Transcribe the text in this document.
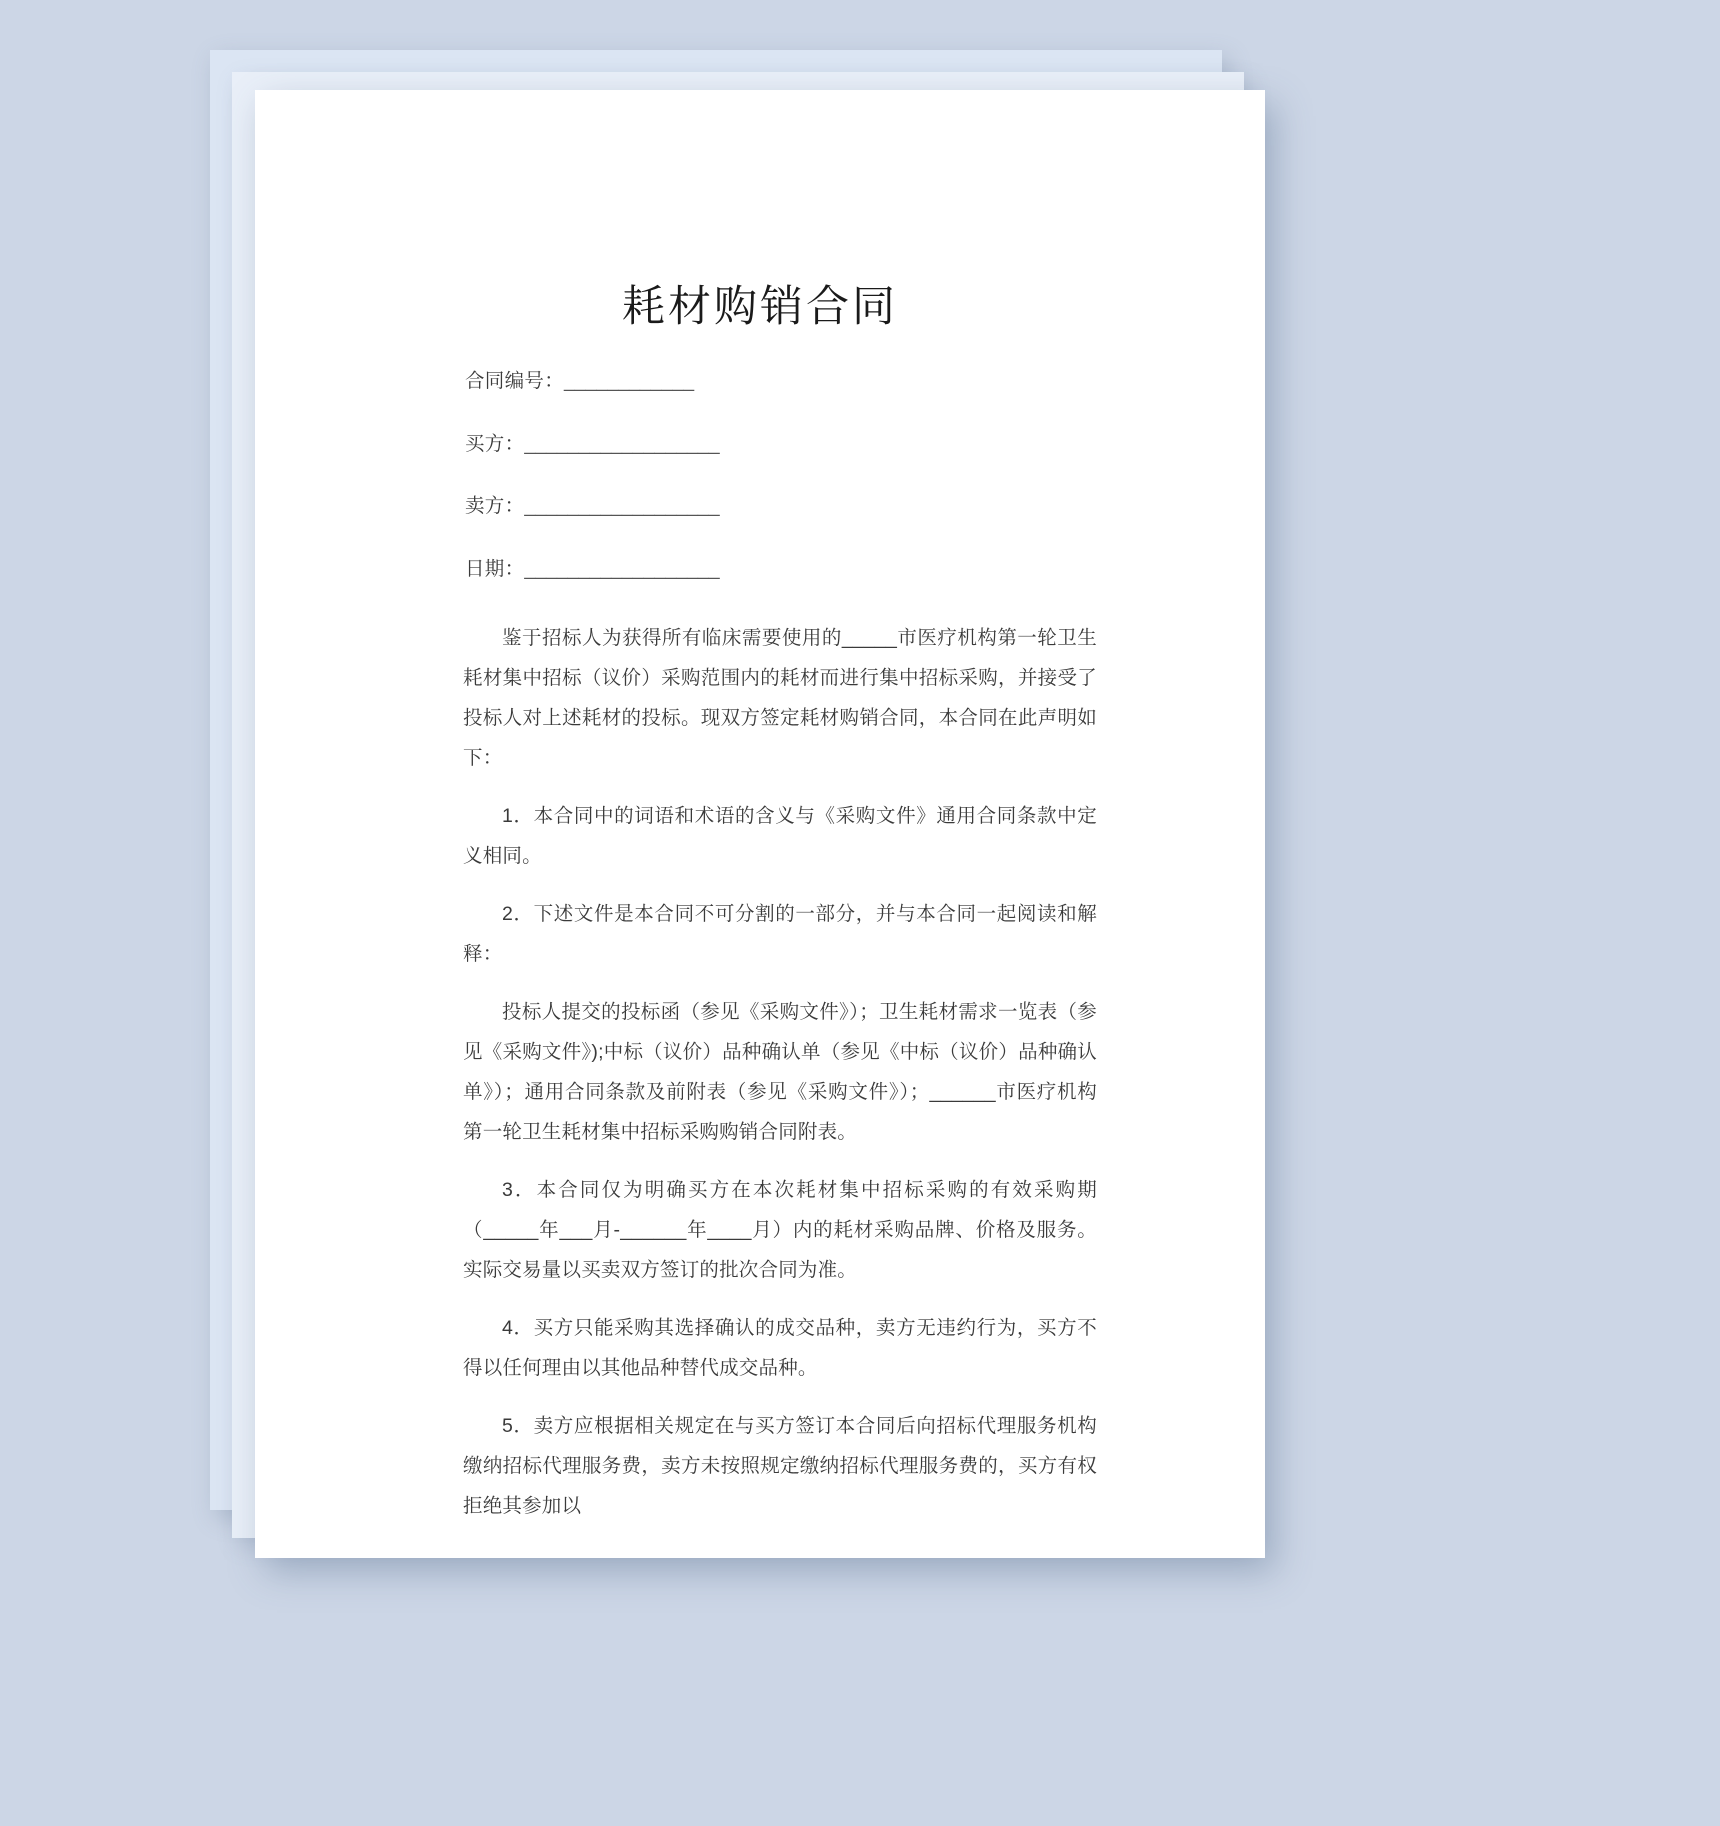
耗材购销合同
合同编号：____________
买方：__________________
卖方：__________________
日期：__________________

鉴于招标人为获得所有临床需要使用的_____市医疗机构第一轮卫生耗材集中招标（议价）采购范围内的耗材而进行集中招标采购，并接受了投标人对上述耗材的投标。现双方签定耗材购销合同，本合同在此声明如下：

1．本合同中的词语和术语的含义与《采购文件》通用合同条款中定义相同。

2．下述文件是本合同不可分割的一部分，并与本合同一起阅读和解释：

投标人提交的投标函（参见《采购文件》）；卫生耗材需求一览表（参见《采购文件》);中标（议价）品种确认单（参见《中标（议价）品种确认单》）；通用合同条款及前附表（参见《采购文件》）；______市医疗机构第一轮卫生耗材集中招标采购购销合同附表。

3．本合同仅为明确买方在本次耗材集中招标采购的有效采购期（_____年___月-______年____月）内的耗材采购品牌、价格及服务。实际交易量以买卖双方签订的批次合同为准。

4．买方只能采购其选择确认的成交品种，卖方无违约行为，买方不得以任何理由以其他品种替代成交品种。

5．卖方应根据相关规定在与买方签订本合同后向招标代理服务机构缴纳招标代理服务费，卖方未按照规定缴纳招标代理服务费的，买方有权拒绝其参加以
